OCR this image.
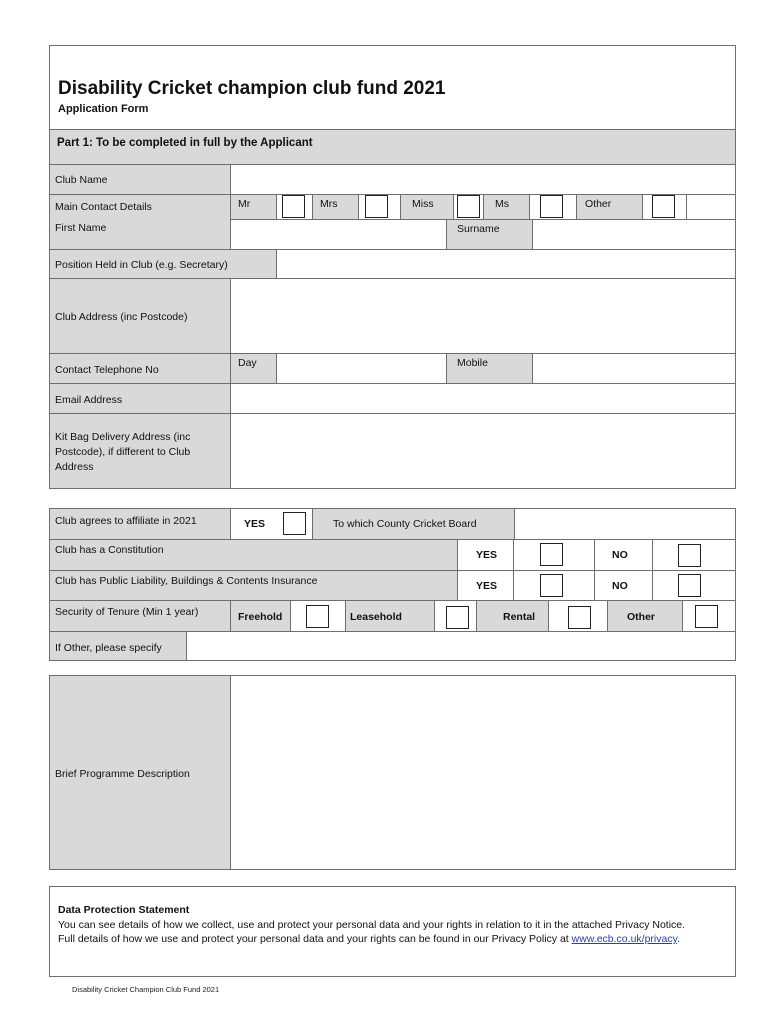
Disability Cricket champion club fund 2021
Application Form
Part 1: To be completed in full by the Applicant
Club Name
Main Contact Details	Mr	Mrs	Miss	Ms	Other
First Name	Surname
Position Held in Club (e.g. Secretary)
Club Address (inc Postcode)
Contact Telephone No
Day	Mobile
Email Address
Kit Bag Delivery Address (inc Postcode), if different to Club Address
Club agrees to affiliate in 2021	YES	To which County Cricket Board
Club has a Constitution	YES	NO
Club has Public Liability, Buildings & Contents Insurance	YES	NO
Security of Tenure (Min 1 year)	Freehold	Leasehold	Rental	Other
If Other, please specify
Brief Programme Description
Data Protection Statement
You can see details of how we collect, use and protect your personal data and your rights in relation to it in the attached Privacy Notice.
Full details of how we use and protect your personal data and your rights can be found in our Privacy Policy at www.ecb.co.uk/privacy.
Disability Cricket Champion Club Fund 2021
